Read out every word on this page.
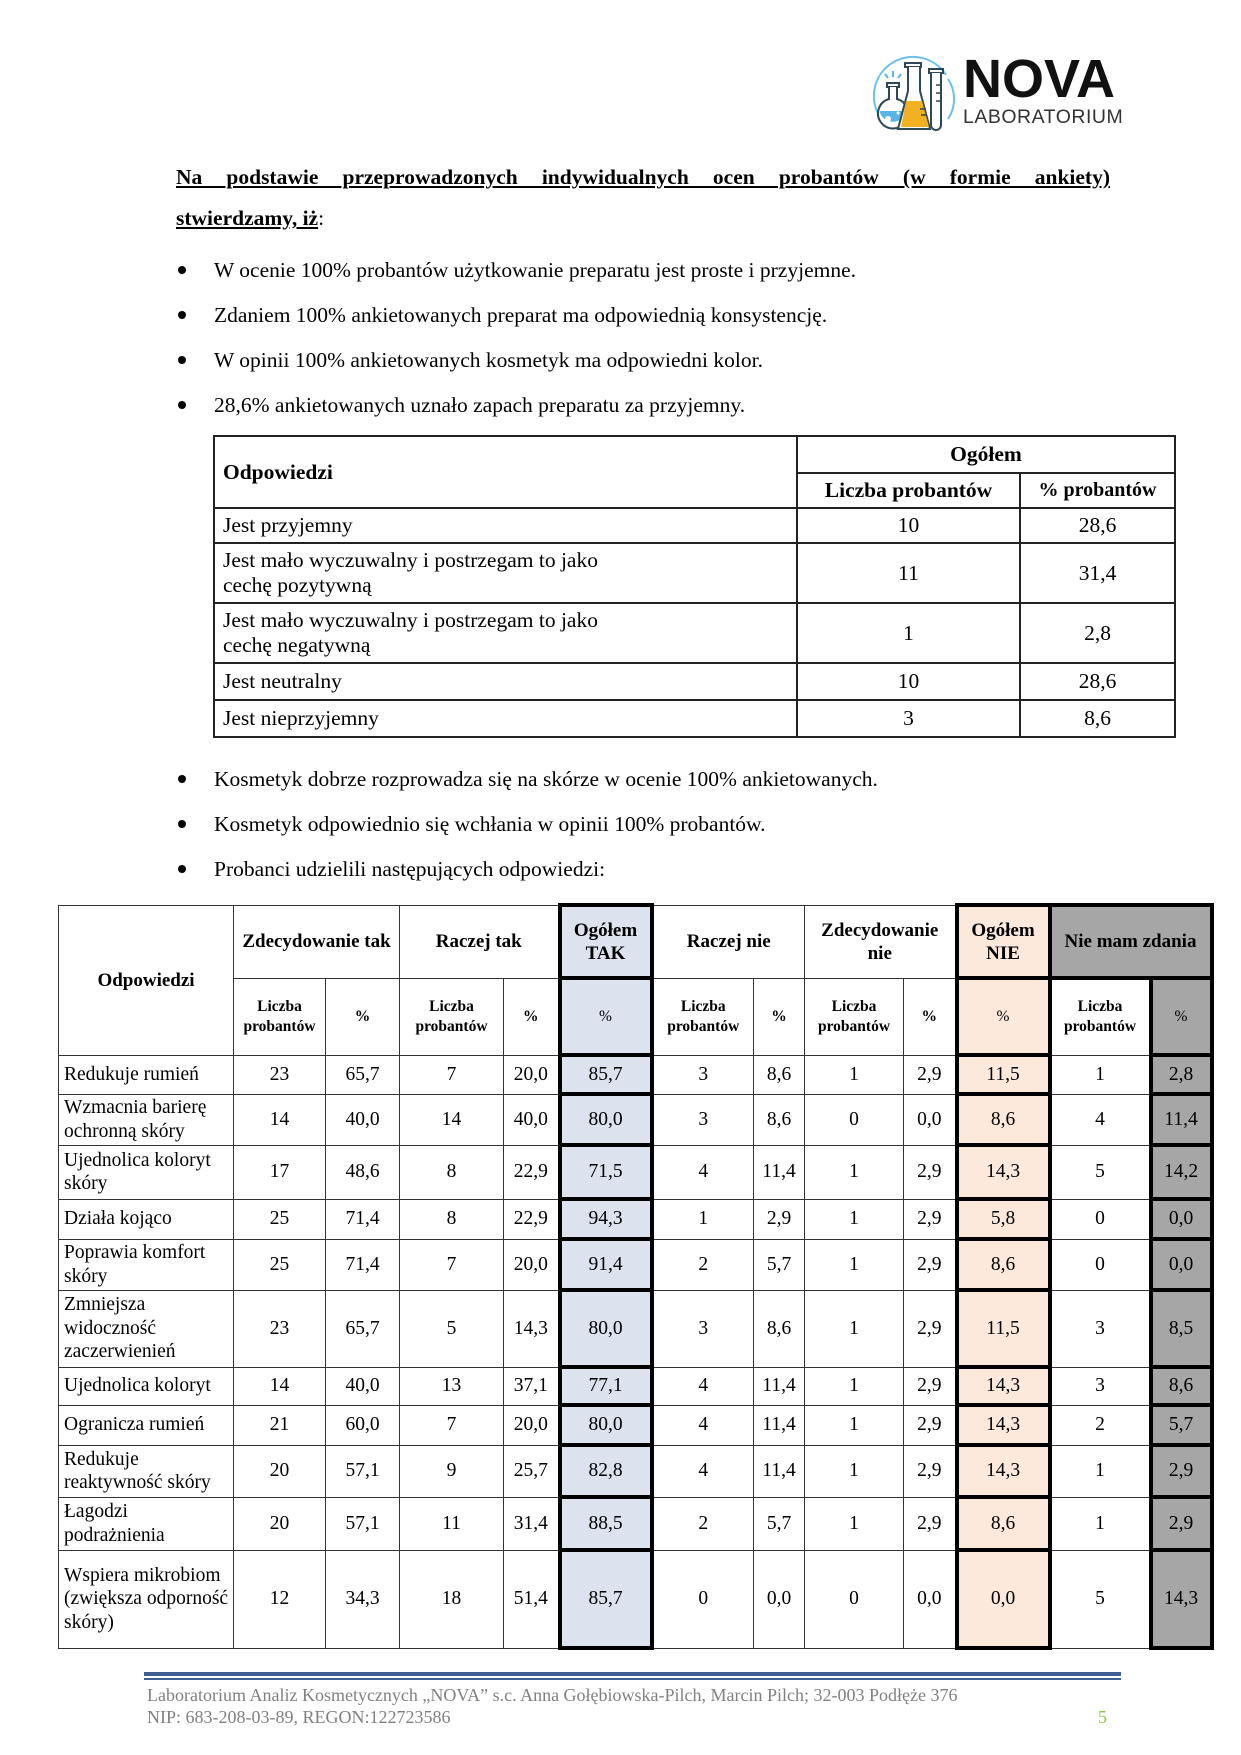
NOVA
LABORATORIUM
Na podstawie przeprowadzonych indywidualnych ocen probantów (w formie ankiety)
stwierdzamy, iż:
W ocenie 100% probantów użytkowanie preparatu jest proste i przyjemne.
Zdaniem 100% ankietowanych preparat ma odpowiednią konsystencję.
W opinii 100% ankietowanych kosmetyk ma odpowiedni kolor.
28,6% ankietowanych uznało zapach preparatu za przyjemny.
Odpowiedzi	Ogółem	
	Liczba probantów	% probantów
Jest przyjemny	10	28,6
Jest mało wyczuwalny i postrzegam to jako cechę pozytywną	11	31,4
Jest mało wyczuwalny i postrzegam to jako cechę negatywną	1	2,8
Jest neutralny	10	28,6
Jest nieprzyjemny	3	8,6
Kosmetyk dobrze rozprowadza się na skórze w ocenie 100% ankietowanych.
Kosmetyk odpowiednio się wchłania w opinii 100% probantów.
Probanci udzielili następujących odpowiedzi:
Odpowiedzi	Zdecydowanie tak		Raczej tak		Ogółem TAK	Raczej nie		Zdecydowanie nie		Ogółem NIE	Nie mam zdania	
	Liczba probantów	%	Liczba probantów	%	%	Liczba probantów	%	Liczba probantów	%	%	Liczba probantów	%
Redukuje rumień	23	65,7	7	20,0	85,7	3	8,6	1	2,9	11,5	1	2,8
Wzmacnia barierę ochronną skóry	14	40,0	14	40,0	80,0	3	8,6	0	0,0	8,6	4	11,4
Ujednolica koloryt skóry	17	48,6	8	22,9	71,5	4	11,4	1	2,9	14,3	5	14,2
Działa kojąco	25	71,4	8	22,9	94,3	1	2,9	1	2,9	5,8	0	0,0
Poprawia komfort skóry	25	71,4	7	20,0	91,4	2	5,7	1	2,9	8,6	0	0,0
Zmniejsza widoczność zaczerwienień	23	65,7	5	14,3	80,0	3	8,6	1	2,9	11,5	3	8,5
Ujednolica koloryt	14	40,0	13	37,1	77,1	4	11,4	1	2,9	14,3	3	8,6
Ogranicza rumień	21	60,0	7	20,0	80,0	4	11,4	1	2,9	14,3	2	5,7
Redukuje reaktywność skóry	20	57,1	9	25,7	82,8	4	11,4	1	2,9	14,3	1	2,9
Łagodzi podrażnienia	20	57,1	11	31,4	88,5	2	5,7	1	2,9	8,6	1	2,9
Wspiera mikrobiom (zwiększa odporność skóry)	12	34,3	18	51,4	85,7	0	0,0	0	0,0	0,0	5	14,3
Laboratorium Analiz Kosmetycznych „NOVA” s.c. Anna Gołębiowska-Pilch, Marcin Pilch; 32-003 Podłęże 376
NIP: 683-208-03-89, REGON:122723586	5
